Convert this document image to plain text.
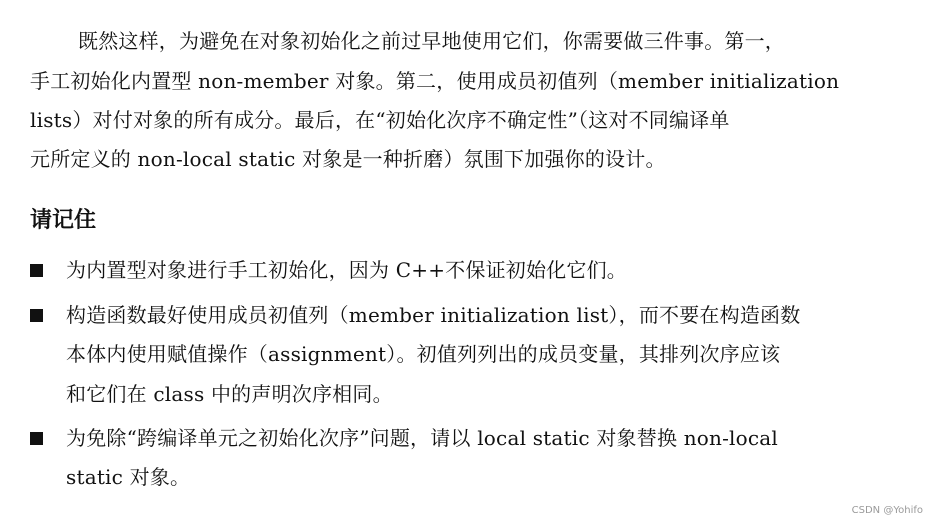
既然这样，为避免在对象初始化之前过早地使用它们，你需要做三件事。第一，
手工初始化内置型 non-member 对象。第二，使用成员初值列（member initialization
lists）对付对象的所有成分。最后，在“初始化次序不确定性”（这对不同编译单
元所定义的 non-local static 对象是一种折磨）氛围下加强你的设计。
请记住
为内置型对象进行手工初始化，因为 C++不保证初始化它们。
构造函数最好使用成员初值列（member initialization list），而不要在构造函数
本体内使用赋值操作（assignment）。初值列列出的成员变量，其排列次序应该
和它们在 class 中的声明次序相同。
为免除“跨编译单元之初始化次序”问题，请以 local static 对象替换 non-local
static 对象。
CSDN @Yohifo
